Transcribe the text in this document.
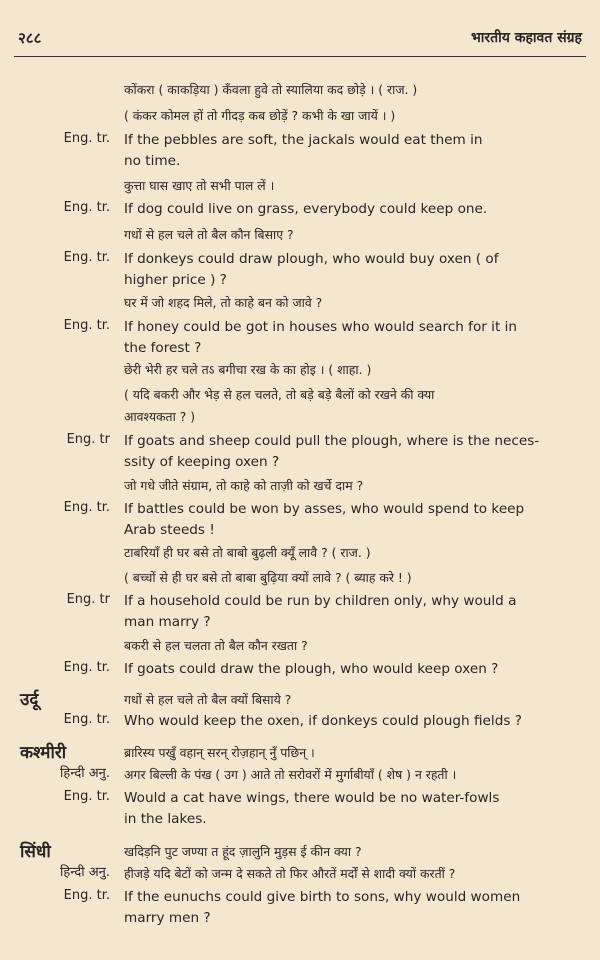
२८८	भारतीय कहावत संग्रह
कोंकरा ( काकड़िया ) कँवला हुवे तो स्यालिया कद छोड़े । ( राज. )
( कंकर कोमल हों तो गीदड़ कब छोड़ें ? कभी के खा जायें । )
Eng. tr. If the pebbles are soft, the jackals would eat them in
no time.
कुत्ता घास खाए तो सभी पाल लें ।
Eng. tr. If dog could live on grass, everybody could keep one.
गधों से हल चले तो बैल कौन बिसाए ?
Eng. tr. If donkeys could draw plough, who would buy oxen ( of
higher price ) ?
घर में जो शहद मिले, तो काहे बन को जावे ?
Eng. tr. If honey could be got in houses who would search for it in
the forest ?
छेरी भेरी हर चले तऽ बगीचा रख के का होइ । ( शाहा. )
( यदि बकरी और भेड़ से हल चलते, तो बड़े बड़े बैलों को रखने की क्या
आवश्यकता ? )
Eng. tr If goats and sheep could pull the plough, where is the neces-
ssity of keeping oxen ?
जो गधे जीते संग्राम, तो काहे को ताज़ी को खर्चे दाम ?
Eng. tr. If battles could be won by asses, who would spend to keep
Arab steeds !
टाबरियाँ ही घर बसे तो बाबो बुढ़ली क्यूँ लावै ? ( राज. )
( बच्चों से ही घर बसे तो बाबा बुढ़िया क्यों लावे ? ( ब्याह करे ! )
Eng. tr If a household could be run by children only, why would a
man marry ?
बकरी से हल चलता तो बैल कौन रखता ?
Eng. tr. If goats could draw the plough, who would keep oxen ?
उर्दू	गधों से हल चले तो बैल क्यों बिसाये ?
Eng. tr. Who would keep the oxen, if donkeys could plough fields ?
कश्मीरी	ब्रारिस्य पखुँ वहान् सरन् रोज़हान् नुँ पछिन् ।
हिन्दी अनु. अगर बिल्ली के पंख ( उग ) आते तो सरोवरों में मुर्गाबीयाँ ( शेष ) न रहती ।
Eng. tr. Would a cat have wings, there would be no water-fowls
in the lakes.
सिंधी	खदिड़नि पुट जण्या त हूंद ज़ालुनि मुड़स ई कीन क्या ?
हिन्दी अनु. हीजड़े यदि बेटों को जन्म दे सकते तो फिर औरतें मर्दों से शादी क्यों करतीं ?
Eng. tr. If the eunuchs could give birth to sons, why would women
marry men ?
